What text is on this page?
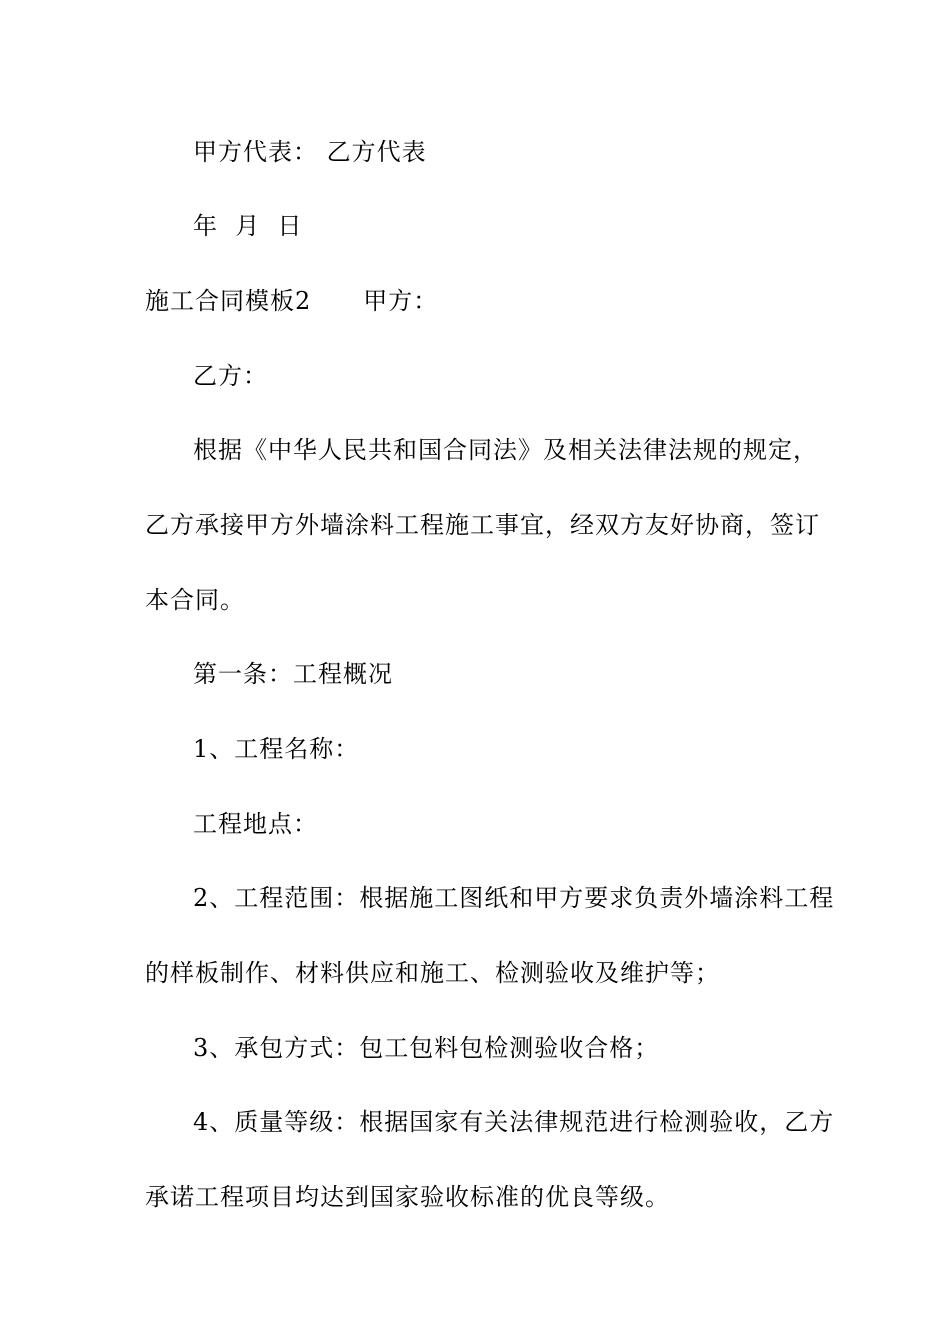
甲方代表： 乙方代表
年  月  日
施工合同模板2 甲方：
乙方：
根据《中华人民共和国合同法》及相关法律法规的规定，
乙方承接甲方外墙涂料工程施工事宜，经双方友好协商，签订
本合同。
第一条：工程概况
1、工程名称：
工程地点：
2、工程范围：根据施工图纸和甲方要求负责外墙涂料工程
的样板制作、材料供应和施工、检测验收及维护等；
3、承包方式：包工包料包检测验收合格；
4、质量等级：根据国家有关法律规范进行检测验收，乙方
承诺工程项目均达到国家验收标准的优良等级。
